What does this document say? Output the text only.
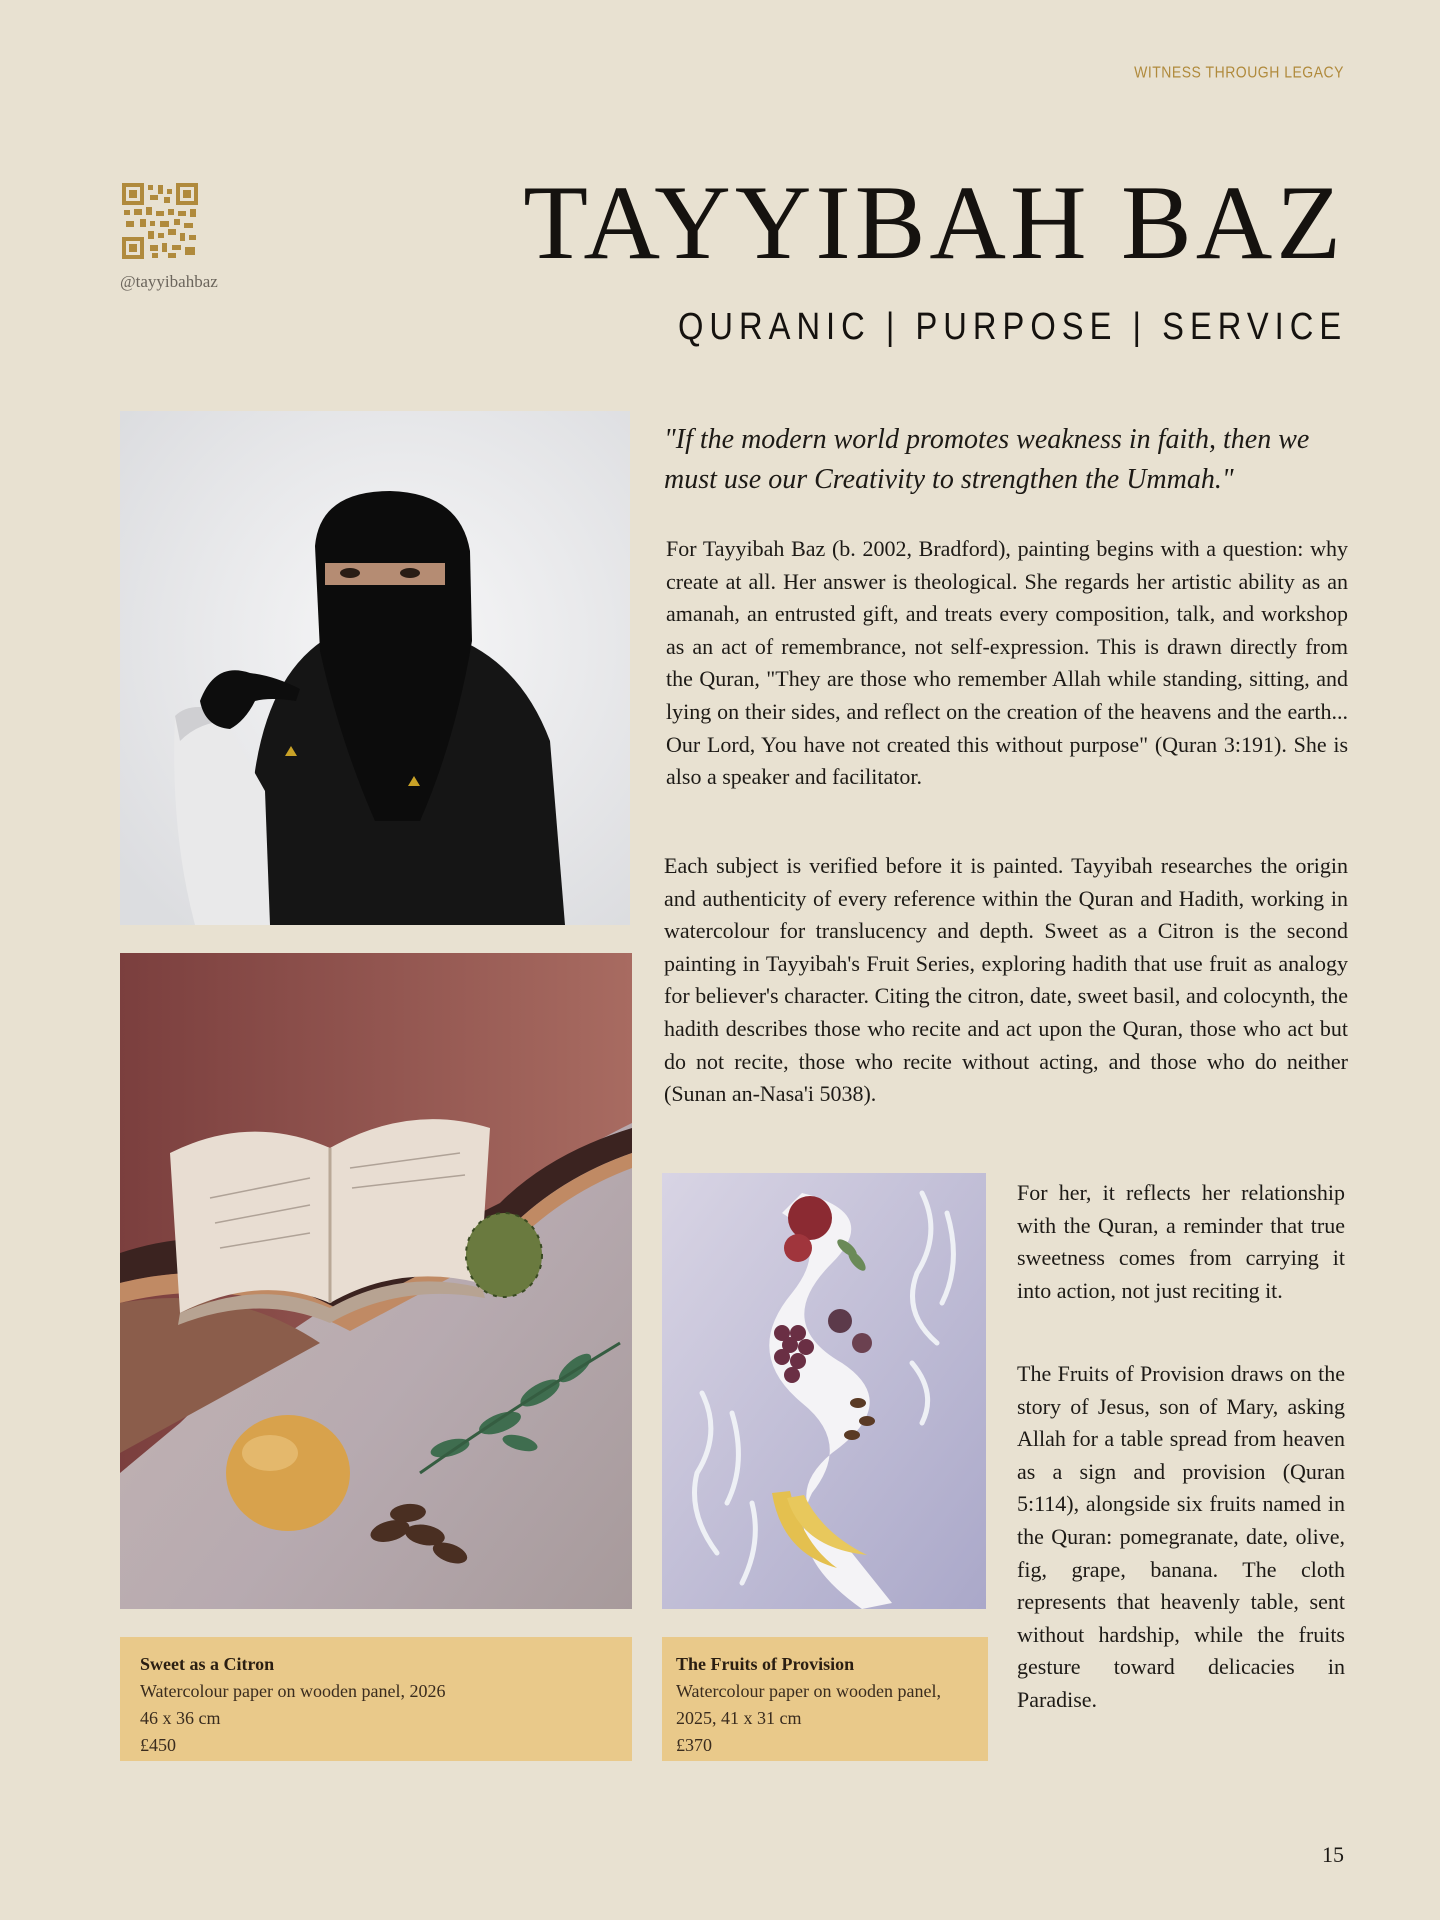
WITNESS THROUGH LEGACY
@tayyibahbaz
TAYYIBAH BAZ
QURANIC | PURPOSE | SERVICE
Sweet as a Citron
Watercolour paper on wooden panel, 2026
46 x 36 cm
£450
The Fruits of Provision
Watercolour paper on wooden panel, 2025, 41 x 31 cm
£370
"If the modern world promotes weakness in faith, then we must use our Creativity to strengthen the Ummah."
For Tayyibah Baz (b. 2002, Bradford), painting begins with a question: why create at all. Her answer is theological. She regards her artistic ability as an amanah, an entrusted gift, and treats every composition, talk, and workshop as an act of remembrance, not self-expression. This is drawn directly from the Quran, "They are those who remember Allah while standing, sitting, and lying on their sides, and reflect on the creation of the heavens and the earth... Our Lord, You have not created this without purpose" (Quran 3:191). She is also a speaker and facilitator.
Each subject is verified before it is painted. Tayyibah researches the origin and authenticity of every reference within the Quran and Hadith, working in watercolour for translucency and depth. Sweet as a Citron is the second painting in Tayyibah's Fruit Series, exploring hadith that use fruit as analogy for believer's character. Citing the citron, date, sweet basil, and colocynth, the hadith describes those who recite and act upon the Quran, those who act but do not recite, those who recite without acting, and those who do neither (Sunan an-Nasa'i 5038).
For her, it reflects her relationship with the Quran, a reminder that true sweetness comes from carrying it into action, not just reciting it.
The Fruits of Provision draws on the story of Jesus, son of Mary, asking Allah for a table spread from heaven as a sign and provision (Quran 5:114), alongside six fruits named in the Quran: pomegranate, date, olive, fig, grape, banana. The cloth represents that heavenly table, sent without hardship, while the fruits gesture toward delicacies in Paradise.
15
